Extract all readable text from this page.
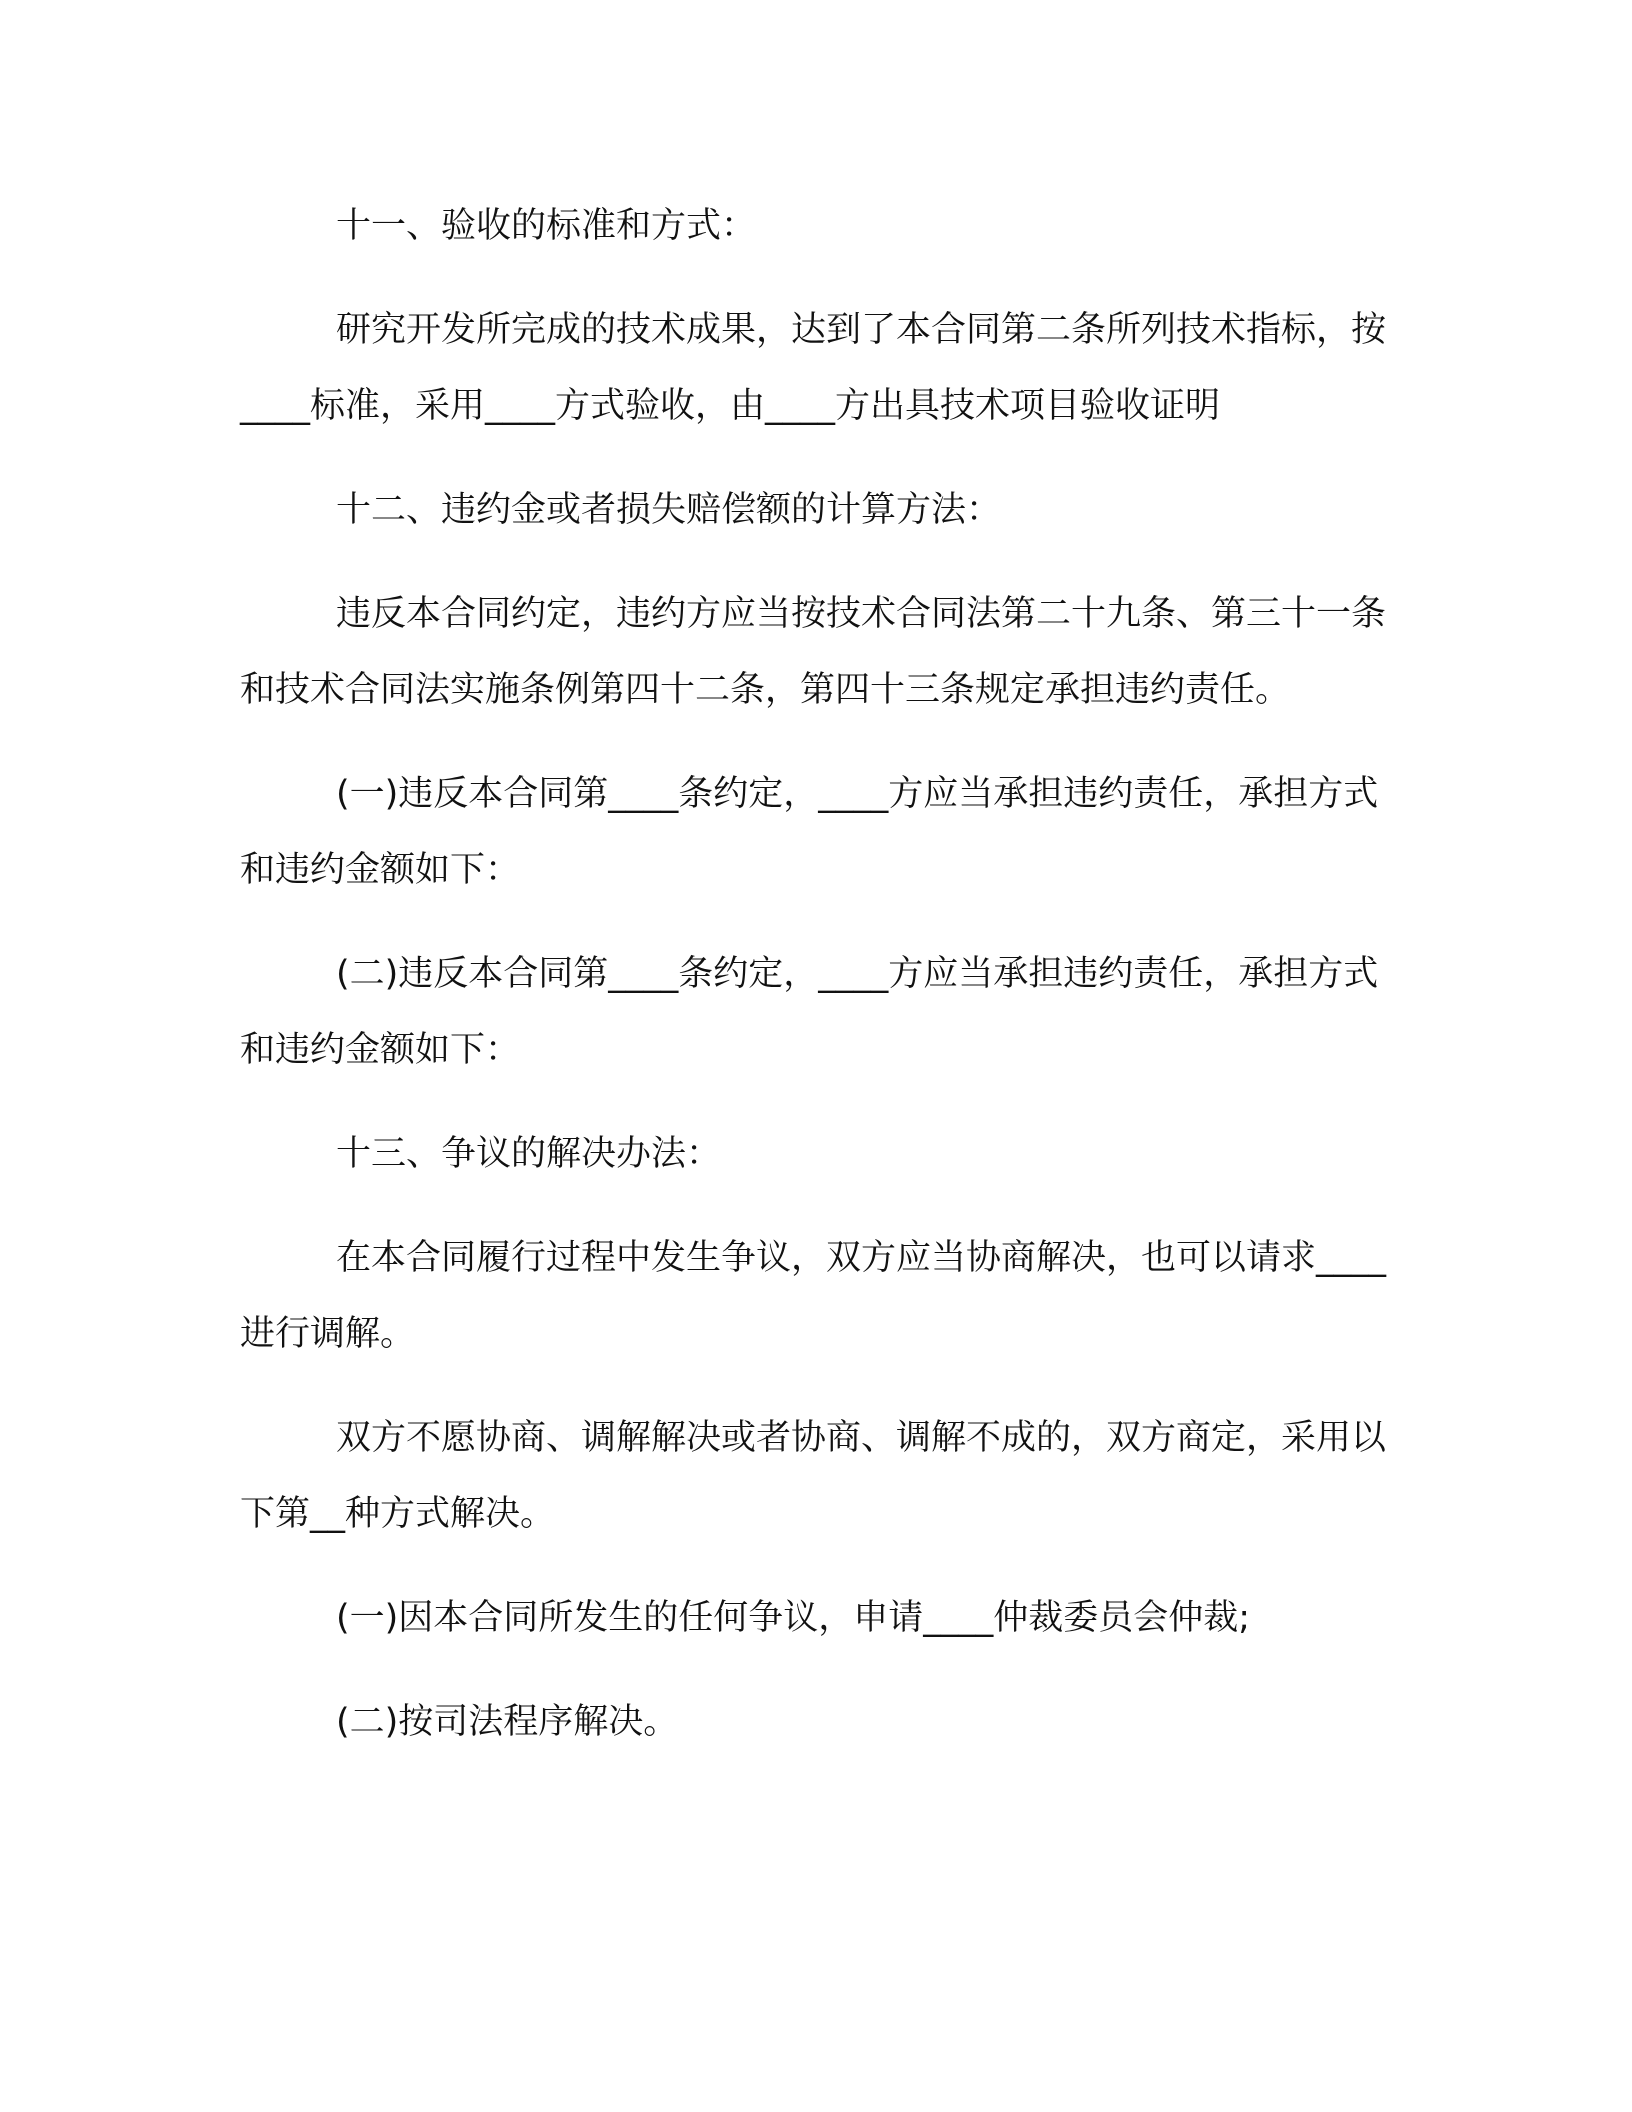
十一、验收的标准和方式：

研究开发所完成的技术成果，达到了本合同第二条所列技术指标，按____标准，采用____方式验收，由____方出具技术项目验收证明

十二、违约金或者损失赔偿额的计算方法：

违反本合同约定，违约方应当按技术合同法第二十九条、第三十一条和技术合同法实施条例第四十二条，第四十三条规定承担违约责任。

(一)违反本合同第____条约定，____方应当承担违约责任，承担方式和违约金额如下：

(二)违反本合同第____条约定，____方应当承担违约责任，承担方式和违约金额如下：

十三、争议的解决办法：

在本合同履行过程中发生争议，双方应当协商解决，也可以请求____进行调解。

双方不愿协商、调解解决或者协商、调解不成的，双方商定，采用以下第__种方式解决。

(一)因本合同所发生的任何争议，申请____仲裁委员会仲裁;

(二)按司法程序解决。
